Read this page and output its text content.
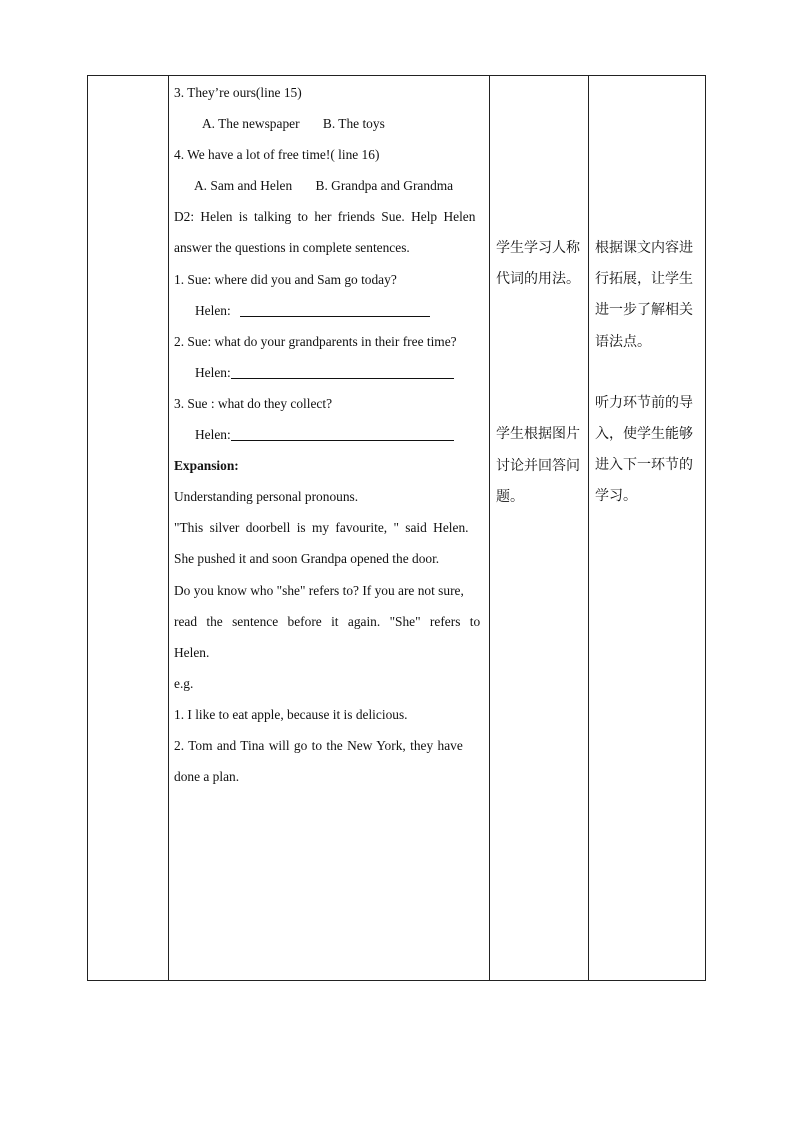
3. They’re ours(line 15)

A. The newspaper B. The toys

4. We have a lot of free time!( line 16)

A. Sam and Helen B. Grandpa and Grandma

D2: Helen is talking to her friends Sue. Help Helen

answer the questions in complete sentences.

1. Sue: where did you and Sam go today?

Helen:

2. Sue: what do your grandparents in their free time?

Helen:

3. Sue : what do they collect?

Helen:

Expansion:

Understanding personal pronouns.

"This silver doorbell is my favourite, " said Helen.

She pushed it and soon Grandpa opened the door.

Do you know who "she" refers to? If you are not sure,

read the sentence before it again. "She" refers to

Helen.

e.g.

1. I like to eat apple, because it is delicious.

2. Tom and Tina will go to the New York, they have

done a plan.

学生学习人称

代词的用法。

学生根据图片

讨论并回答问

题。

根据课文内容进

行拓展，让学生

进一步了解相关

语法点。

听力环节前的导

入，使学生能够

进入下一环节的

学习。
